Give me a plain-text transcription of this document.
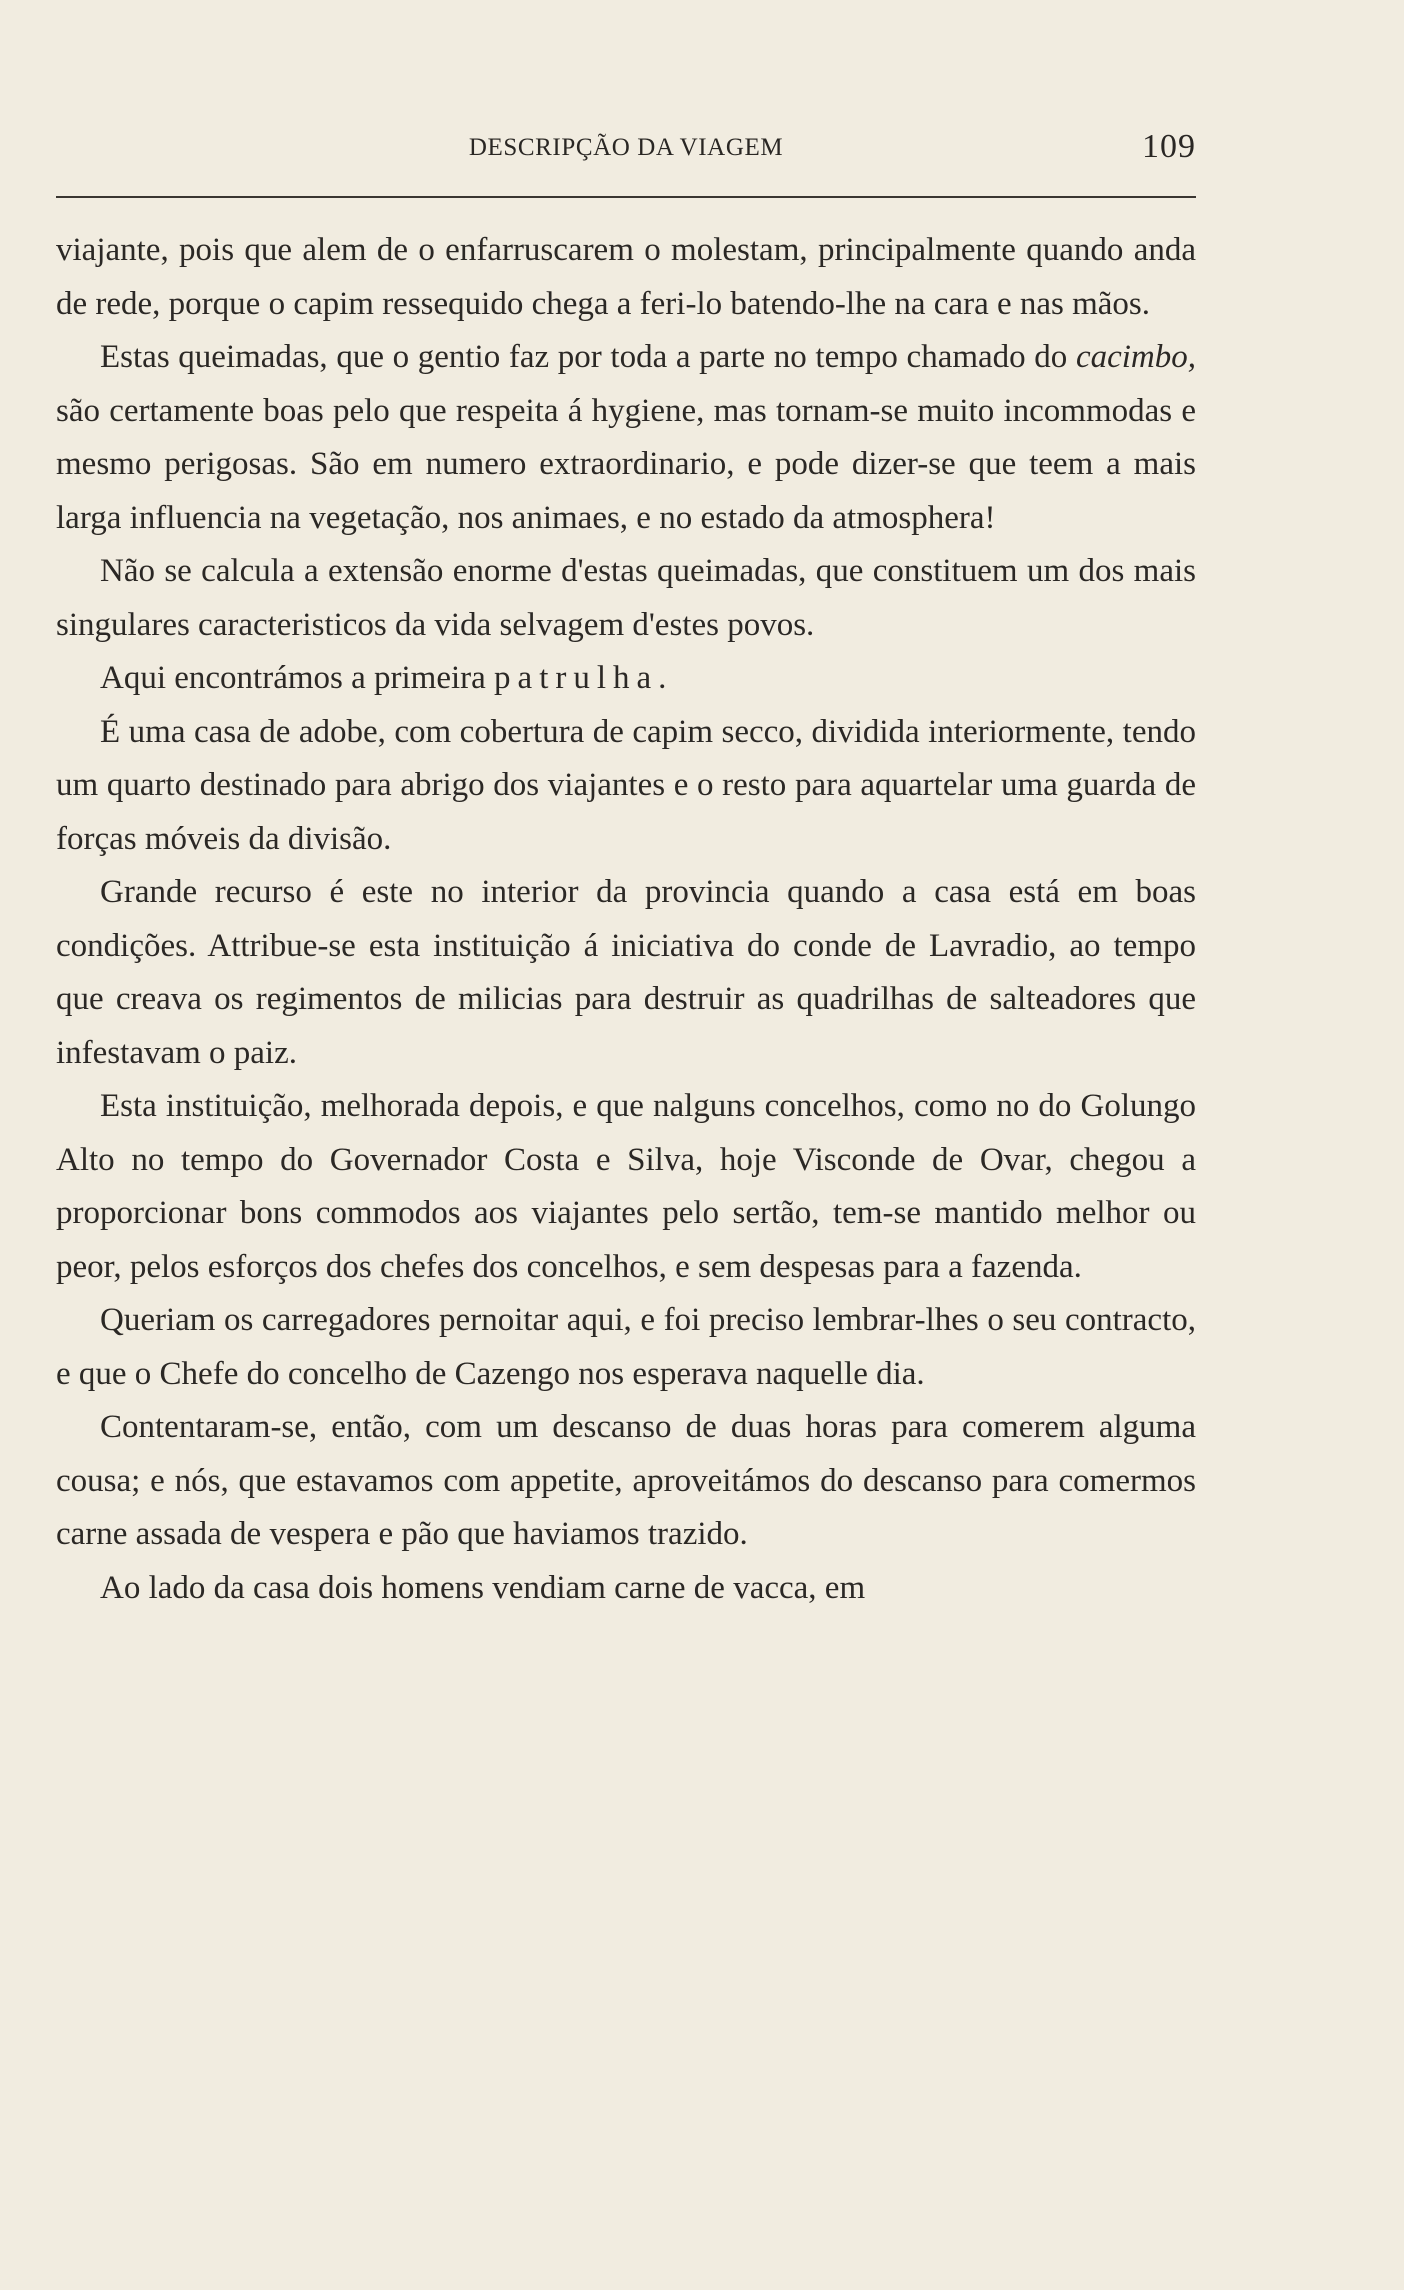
DESCRIPÇÃO DA VIAGEM	109

viajante, pois que alem de o enfarruscarem o molestam, principalmente quando anda de rede, porque o capim ressequido chega a feri-lo batendo-lhe na cara e nas mãos.

Estas queimadas, que o gentio faz por toda a parte no tempo chamado do cacimbo, são certamente boas pelo que respeita á hygiene, mas tornam-se muito incommodas e mesmo perigosas. São em numero extraordinario, e pode dizer-se que teem a mais larga influencia na vegetação, nos animaes, e no estado da atmosphera!

Não se calcula a extensão enorme d'estas queimadas, que constituem um dos mais singulares caracteristicos da vida selvagem d'estes povos.

Aqui encontrámos a primeira patrulha.

É uma casa de adobe, com cobertura de capim secco, dividida interiormente, tendo um quarto destinado para abrigo dos viajantes e o resto para aquartelar uma guarda de forças móveis da divisão.

Grande recurso é este no interior da provincia quando a casa está em boas condições. Attribue-se esta instituição á iniciativa do conde de Lavradio, ao tempo que creava os regimentos de milicias para destruir as quadrilhas de salteadores que infestavam o paiz.

Esta instituição, melhorada depois, e que nalguns concelhos, como no do Golungo Alto no tempo do Governador Costa e Silva, hoje Visconde de Ovar, chegou a proporcionar bons commodos aos viajantes pelo sertão, tem-se mantido melhor ou peor, pelos esforços dos chefes dos concelhos, e sem despesas para a fazenda.

Queriam os carregadores pernoitar aqui, e foi preciso lembrar-lhes o seu contracto, e que o Chefe do concelho de Cazengo nos esperava naquelle dia.

Contentaram-se, então, com um descanso de duas horas para comerem alguma cousa; e nós, que estavamos com appetite, aproveitámos do descanso para comermos carne assada de vespera e pão que haviamos trazido.

Ao lado da casa dois homens vendiam carne de vacca, em
